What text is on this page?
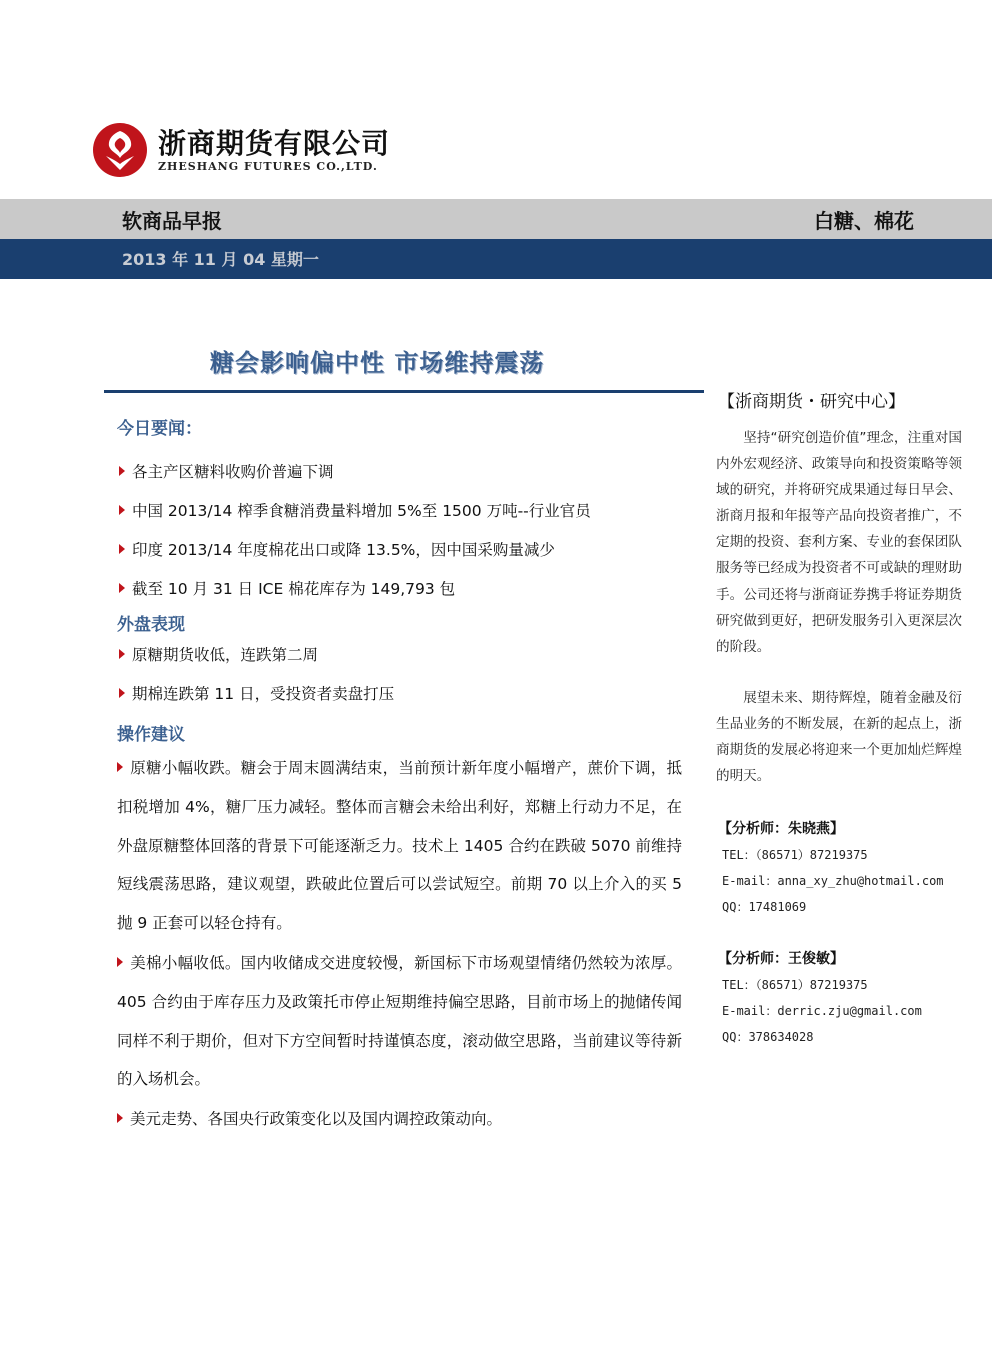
浙商期货有限公司
ZHESHANG FUTURES CO.,LTD.
软商品早报	白糖、棉花
2013 年 11 月 04 星期一
糖会影响偏中性 市场维持震荡
今日要闻：
各主产区糖料收购价普遍下调
中国 2013/14 榨季食糖消费量料增加 5%至 1500 万吨--行业官员
印度 2013/14 年度棉花出口或降 13.5%，因中国采购量减少
截至 10 月 31 日 ICE 棉花库存为 149,793 包
外盘表现
原糖期货收低，连跌第二周
期棉连跌第 11 日，受投资者卖盘打压
操作建议
原糖小幅收跌。糖会于周末圆满结束，当前预计新年度小幅增产，蔗价下调，抵扣税增加 4%，糖厂压力减轻。整体而言糖会未给出利好，郑糖上行动力不足，在外盘原糖整体回落的背景下可能逐渐乏力。技术上 1405 合约在跌破 5070 前维持短线震荡思路，建议观望，跌破此位置后可以尝试短空。前期 70 以上介入的买 5 抛 9 正套可以轻仓持有。
美棉小幅收低。国内收储成交进度较慢，新国标下市场观望情绪仍然较为浓厚。405 合约由于库存压力及政策托市停止短期维持偏空思路，目前市场上的抛储传闻同样不利于期价，但对下方空间暂时持谨慎态度，滚动做空思路，当前建议等待新的入场机会。
美元走势、各国央行政策变化以及国内调控政策动向。
【浙商期货・研究中心】

坚持“研究创造价值”理念，注重对国内外宏观经济、政策导向和投资策略等领域的研究，并将研究成果通过每日早会、浙商月报和年报等产品向投资者推广，不定期的投资、套利方案、专业的套保团队服务等已经成为投资者不可或缺的理财助手。公司还将与浙商证券携手将证券期货研究做到更好，把研发服务引入更深层次的阶段。

展望未来、期待辉煌，随着金融及衍生品业务的不断发展，在新的起点上，浙商期货的发展必将迎来一个更加灿烂辉煌的明天。

【分析师：朱晓燕】
TEL：（86571）87219375
E-mail：anna_xy_zhu@hotmail.com
QQ：17481069
【分析师：王俊敏】
TEL：（86571）87219375
E-mail：derric.zju@gmail.com
QQ：378634028
